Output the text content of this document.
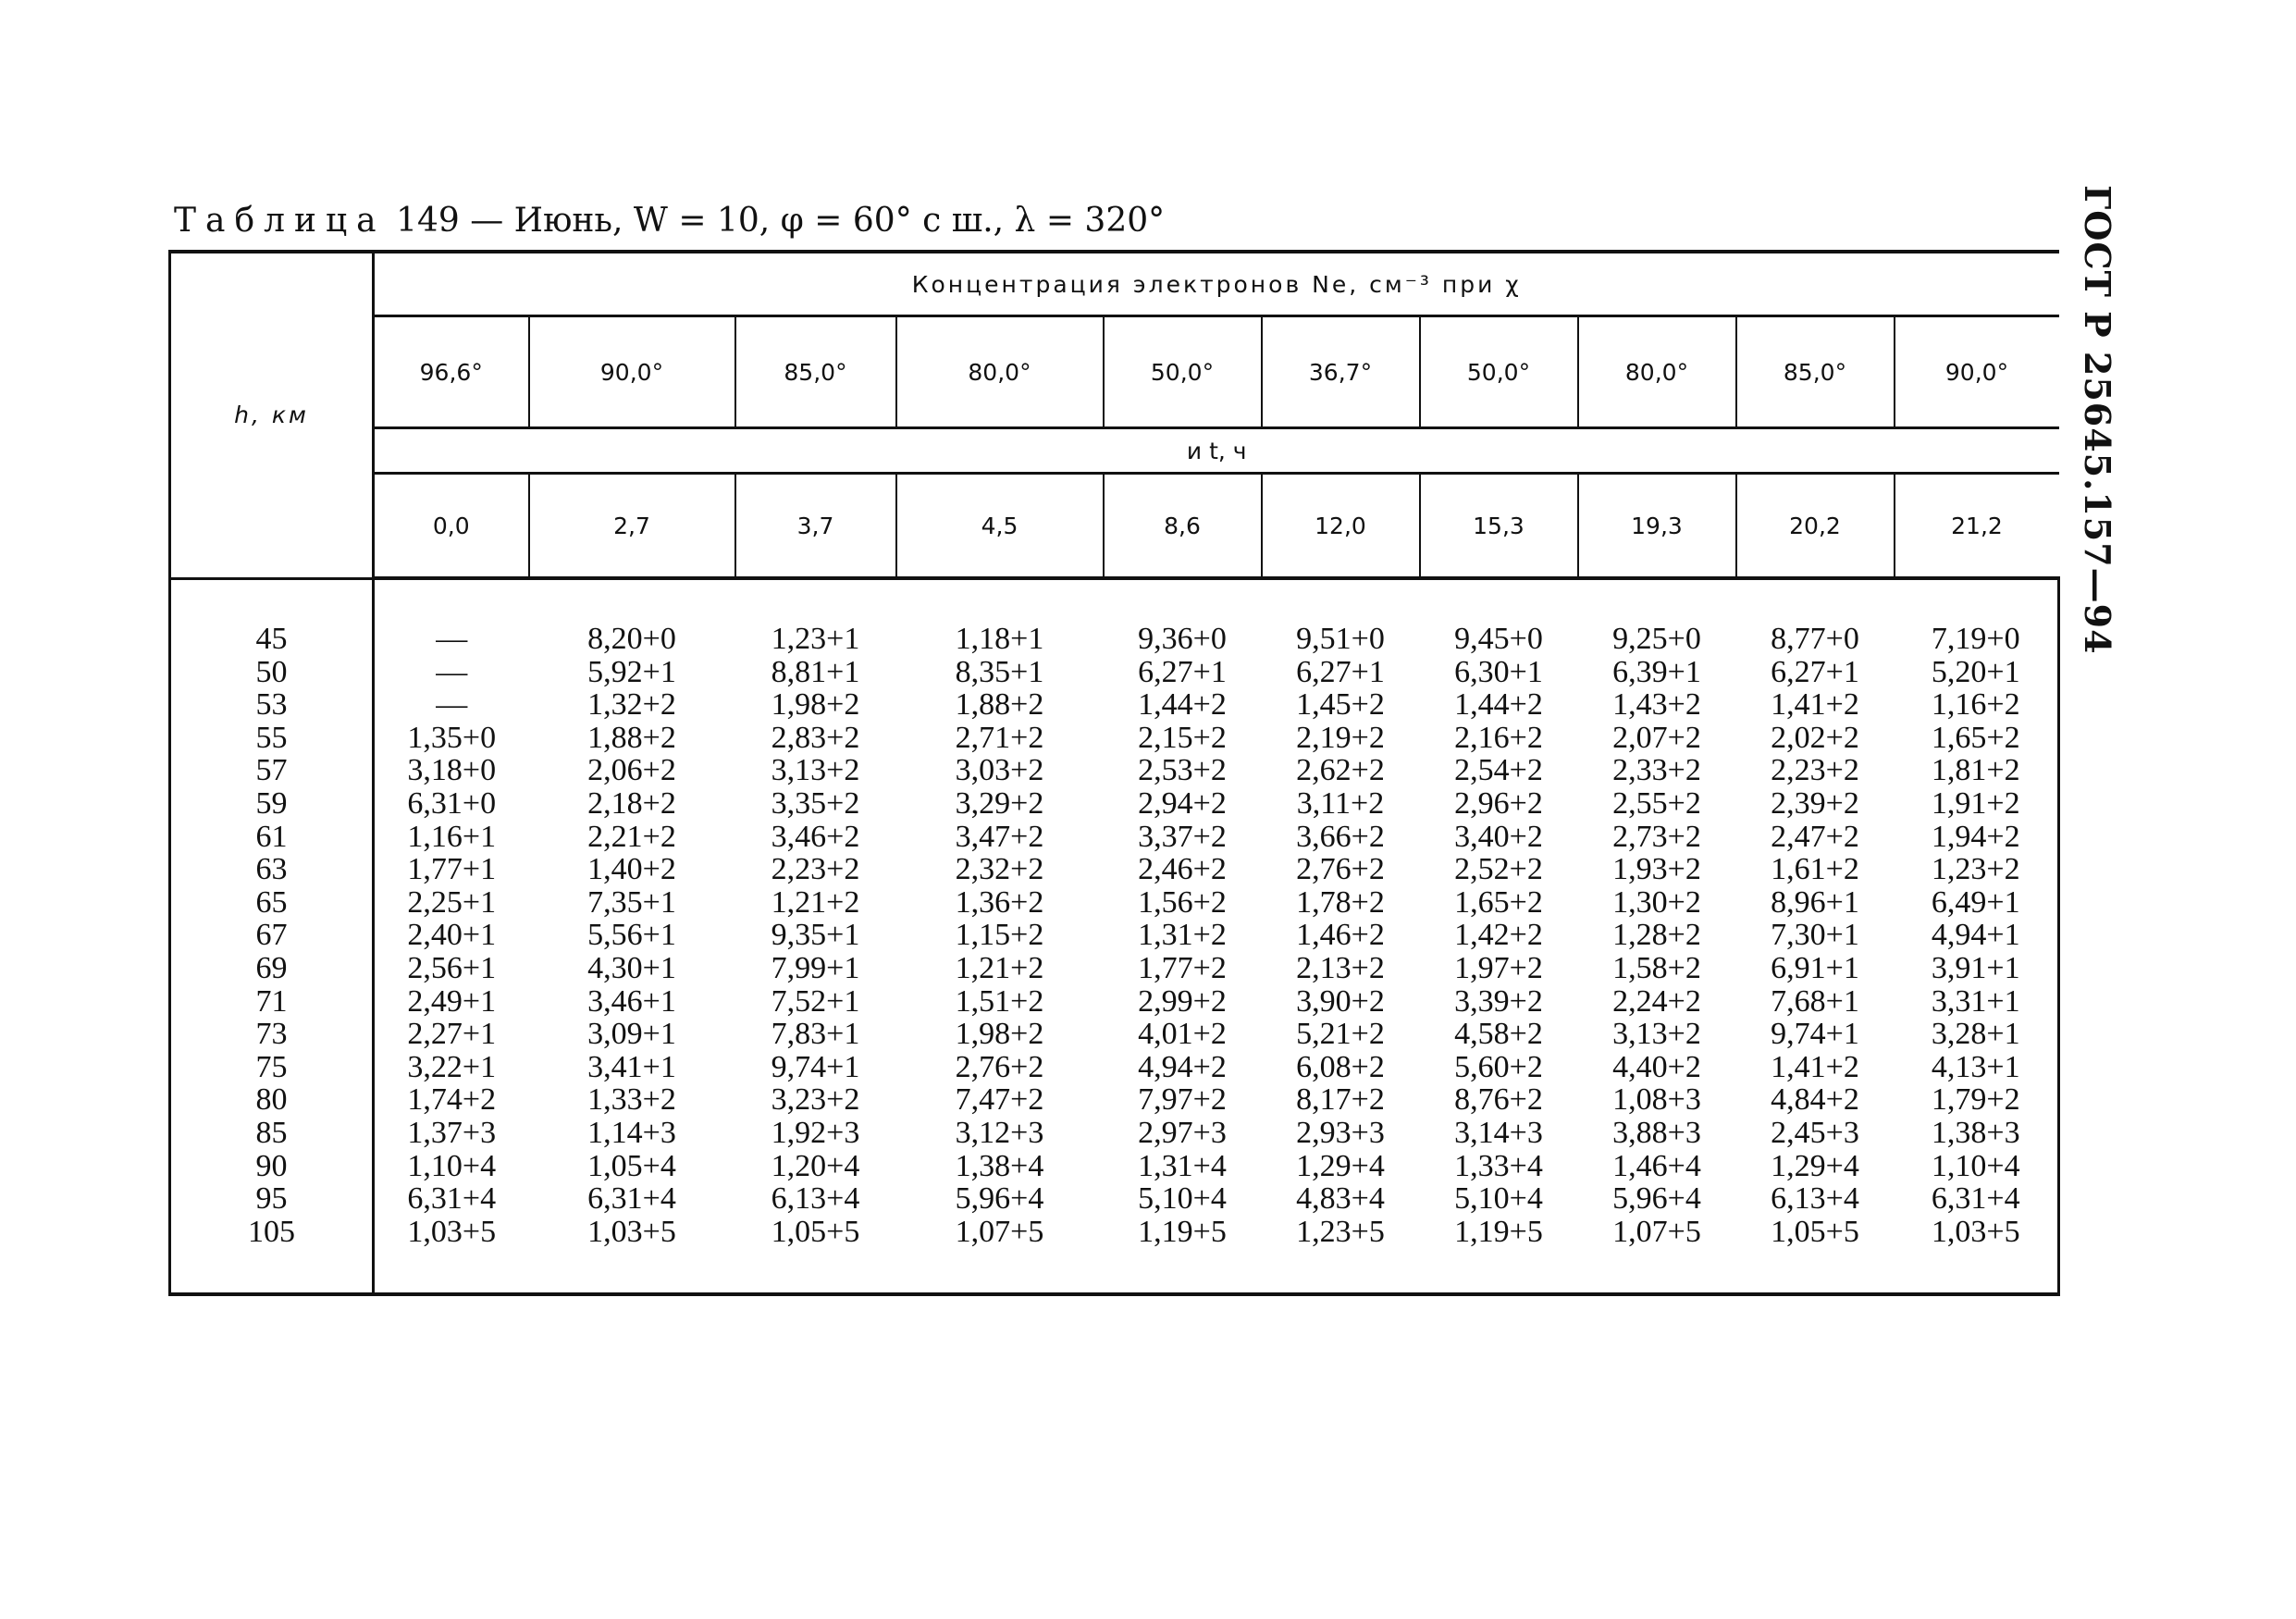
Таблица 149 — Июнь, W = 10, φ = 60° с ш., λ = 320°	ГОСТ Р 25645.157—94
h, км	Концентрация электронов Ne, см⁻³ при χ									
	96,6°	90,0°	85,0°	80,0°	50,0°	36,7°	50,0°	80,0°	85,0°	90,0°
	и t, ч									
	0,0	2,7	3,7	4,5	8,6	12,0	15,3	19,3	20,2	21,2
45	—	8,20+0	1,23+1	1,18+1	9,36+0	9,51+0	9,45+0	9,25+0	8,77+0	7,19+0
50	—	5,92+1	8,81+1	8,35+1	6,27+1	6,27+1	6,30+1	6,39+1	6,27+1	5,20+1
53	—	1,32+2	1,98+2	1,88+2	1,44+2	1,45+2	1,44+2	1,43+2	1,41+2	1,16+2
55	1,35+0	1,88+2	2,83+2	2,71+2	2,15+2	2,19+2	2,16+2	2,07+2	2,02+2	1,65+2
57	3,18+0	2,06+2	3,13+2	3,03+2	2,53+2	2,62+2	2,54+2	2,33+2	2,23+2	1,81+2
59	6,31+0	2,18+2	3,35+2	3,29+2	2,94+2	3,11+2	2,96+2	2,55+2	2,39+2	1,91+2
61	1,16+1	2,21+2	3,46+2	3,47+2	3,37+2	3,66+2	3,40+2	2,73+2	2,47+2	1,94+2
63	1,77+1	1,40+2	2,23+2	2,32+2	2,46+2	2,76+2	2,52+2	1,93+2	1,61+2	1,23+2
65	2,25+1	7,35+1	1,21+2	1,36+2	1,56+2	1,78+2	1,65+2	1,30+2	8,96+1	6,49+1
67	2,40+1	5,56+1	9,35+1	1,15+2	1,31+2	1,46+2	1,42+2	1,28+2	7,30+1	4,94+1
69	2,56+1	4,30+1	7,99+1	1,21+2	1,77+2	2,13+2	1,97+2	1,58+2	6,91+1	3,91+1
71	2,49+1	3,46+1	7,52+1	1,51+2	2,99+2	3,90+2	3,39+2	2,24+2	7,68+1	3,31+1
73	2,27+1	3,09+1	7,83+1	1,98+2	4,01+2	5,21+2	4,58+2	3,13+2	9,74+1	3,28+1
75	3,22+1	3,41+1	9,74+1	2,76+2	4,94+2	6,08+2	5,60+2	4,40+2	1,41+2	4,13+1
80	1,74+2	1,33+2	3,23+2	7,47+2	7,97+2	8,17+2	8,76+2	1,08+3	4,84+2	1,79+2
85	1,37+3	1,14+3	1,92+3	3,12+3	2,97+3	2,93+3	3,14+3	3,88+3	2,45+3	1,38+3
90	1,10+4	1,05+4	1,20+4	1,38+4	1,31+4	1,29+4	1,33+4	1,46+4	1,29+4	1,10+4
95	6,31+4	6,31+4	6,13+4	5,96+4	5,10+4	4,83+4	5,10+4	5,96+4	6,13+4	6,31+4
105	1,03+5	1,03+5	1,05+5	1,07+5	1,19+5	1,23+5	1,19+5	1,07+5	1,05+5	1,03+5
